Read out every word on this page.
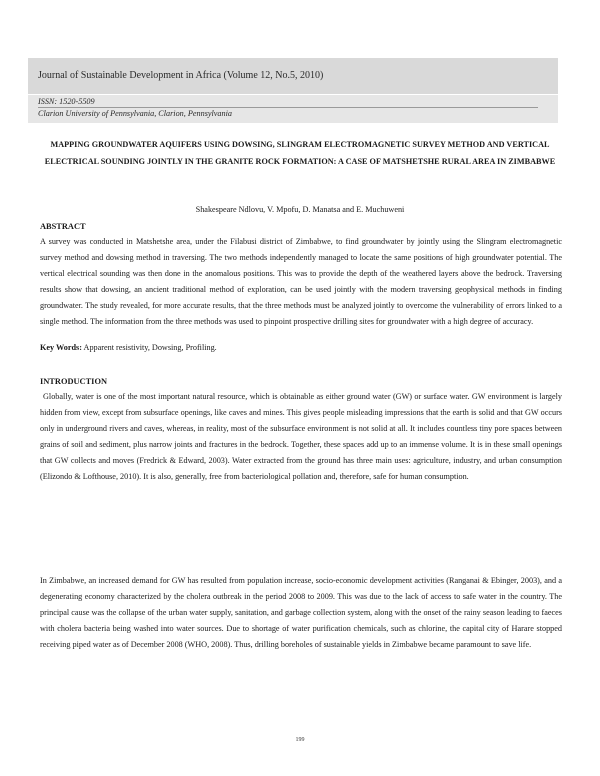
Journal of Sustainable Development in Africa (Volume 12, No.5, 2010)
ISSN: 1520-5509
Clarion University of Pennsylvania, Clarion, Pennsylvania
MAPPING GROUNDWATER AQUIFERS USING DOWSING, SLINGRAM ELECTROMAGNETIC SURVEY METHOD AND VERTICAL ELECTRICAL SOUNDING JOINTLY IN THE GRANITE ROCK FORMATION: A CASE OF MATSHETSHE RURAL AREA IN ZIMBABWE
Shakespeare Ndlovu, V. Mpofu, D. Manatsa and E. Muchuweni
ABSTRACT
A survey was conducted in Matshetshe area, under the Filabusi district of Zimbabwe, to find groundwater by jointly using the Slingram electromagnetic survey method and dowsing method in traversing. The two methods independently managed to locate the same positions of high groundwater potential. The vertical electrical sounding was then done in the anomalous positions. This was to provide the depth of the weathered layers above the bedrock. Traversing results show that dowsing, an ancient traditional method of exploration, can be used jointly with the modern traversing geophysical methods in finding groundwater. The study revealed, for more accurate results, that the three methods must be analyzed jointly to overcome the vulnerability of errors linked to a single method. The information from the three methods was used to pinpoint prospective drilling sites for groundwater with a high degree of accuracy.
Key Words: Apparent resistivity, Dowsing, Profiling.
INTRODUCTION
Globally, water is one of the most important natural resource, which is obtainable as either ground water (GW) or surface water. GW environment is largely hidden from view, except from subsurface openings, like caves and mines. This gives people misleading impressions that the earth is solid and that GW occurs only in underground rivers and caves, whereas, in reality, most of the subsurface environment is not solid at all. It includes countless tiny pore spaces between grains of soil and sediment, plus narrow joints and fractures in the bedrock. Together, these spaces add up to an immense volume. It is in these small openings that GW collects and moves (Fredrick & Edward, 2003). Water extracted from the ground has three main uses: agriculture, industry, and urban consumption (Elizondo & Lofthouse, 2010). It is also, generally, free from bacteriological pollation and, therefore, safe for human consumption.
In Zimbabwe, an increased demand for GW has resulted from population increase, socio-economic development activities (Ranganai & Ebinger, 2003), and a degenerating economy characterized by the cholera outbreak in the period 2008 to 2009. This was due to the lack of access to safe water in the country. The principal cause was the collapse of the urban water supply, sanitation, and garbage collection system, along with the onset of the rainy season leading to faeces with cholera bacteria being washed into water sources. Due to shortage of water purification chemicals, such as chlorine, the capital city of Harare stopped receiving piped water as of December 2008 (WHO, 2008). Thus, drilling boreholes of sustainable yields in Zimbabwe became paramount to save life.
199
